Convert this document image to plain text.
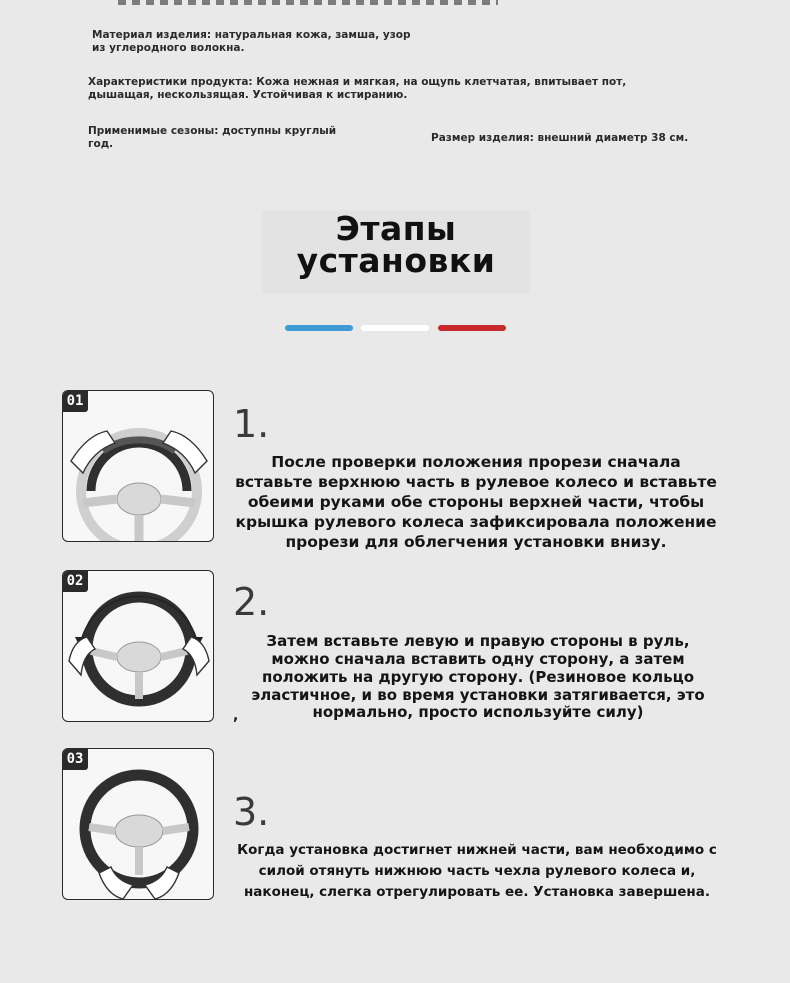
Материал изделия: натуральная кожа, замша, узор из углеродного волокна.
Характеристики продукта: Кожа нежная и мягкая, на ощупь клетчатая, впитывает пот, дышащая, нескользящая. Устойчивая к истиранию.
Применимые сезоны: доступны круглый год.	Размер изделия: внешний диаметр 38 см.
Этапы
установки
01
1.
После проверки положения прорези сначала вставьте верхнюю часть в рулевое колесо и вставьте обеими руками обе стороны верхней части, чтобы крышка рулевого колеса зафиксировала положение прорези для облегчения установки внизу.
02	2.
Затем вставьте левую и правую стороны в руль, можно сначала вставить одну сторону, а затем положить на другую сторону. (Резиновое кольцо эластичное, и во время установки затягивается, это
нормально, просто используйте силу)
,
03
3.
Когда установка достигнет нижней части, вам необходимо с силой отянуть нижнюю часть чехла рулевого колеса и, наконец, слегка отрегулировать ее. Установка завершена.
